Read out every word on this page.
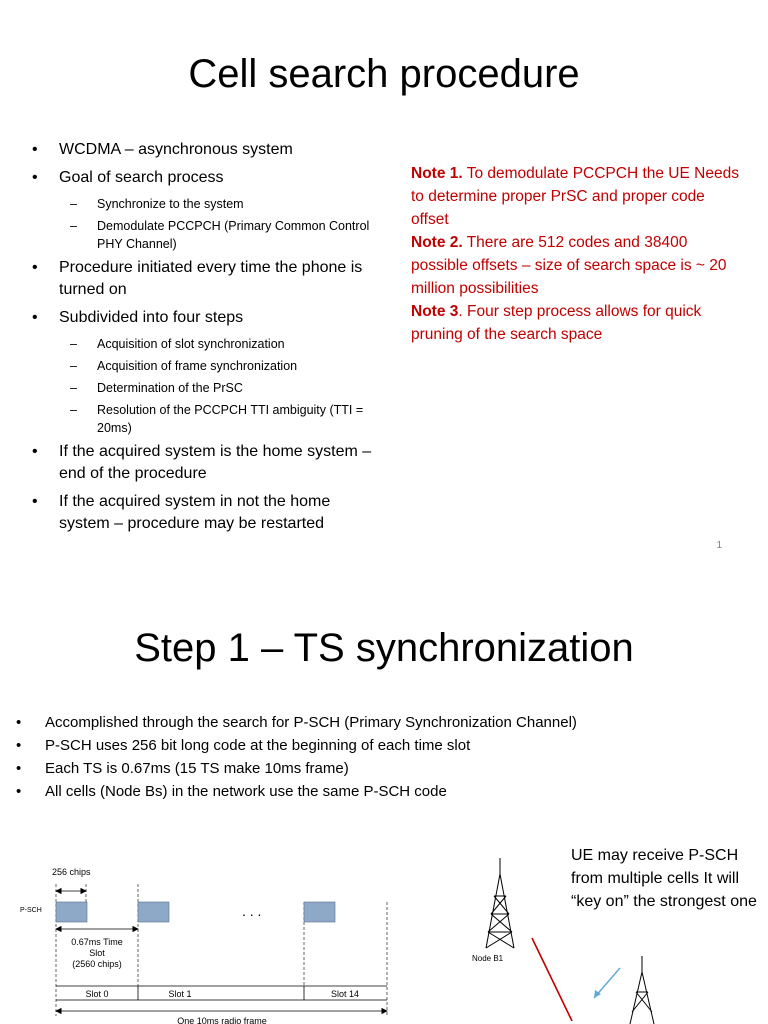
Cell search procedure
• WCDMA – asynchronous system
• Goal of search process
– Synchronize to the system
– Demodulate PCCPCH (Primary Common Control PHY Channel)
• Procedure initiated every time the phone is turned on
• Subdivided into four steps
– Acquisition of slot synchronization
– Acquisition of frame synchronization
– Determination of the PrSC
– Resolution of the PCCPCH TTI ambiguity (TTI = 20ms)
• If the acquired system is the home system – end of the procedure
• If the acquired system in not the home system – procedure may be restarted

Note 1. To demodulate PCCPCH the UE Needs to determine proper PrSC and proper code offset

Note 2. There are 512 codes and 38400 possible offsets – size of search space is ~ 20 million possibilities

Note 3. Four step process allows for quick pruning of the search space

1
Step 1 – TS synchronization
• Accomplished through the search for P-SCH (Primary Synchronization Channel)
• P-SCH uses 256 bit long code at the beginning of each time slot
• Each TS is 0.67ms (15 TS make 10ms frame)
• All cells (Node Bs) in the network use the same P-SCH code
256 chips
P-SCH	. . .
0.67ms Time
Slot
(2560 chips)
Slot 0	Slot 1	Slot 14
One 10ms radio frame
Node B1
UE may receive P-SCH from multiple cells It will “key on” the strongest one
